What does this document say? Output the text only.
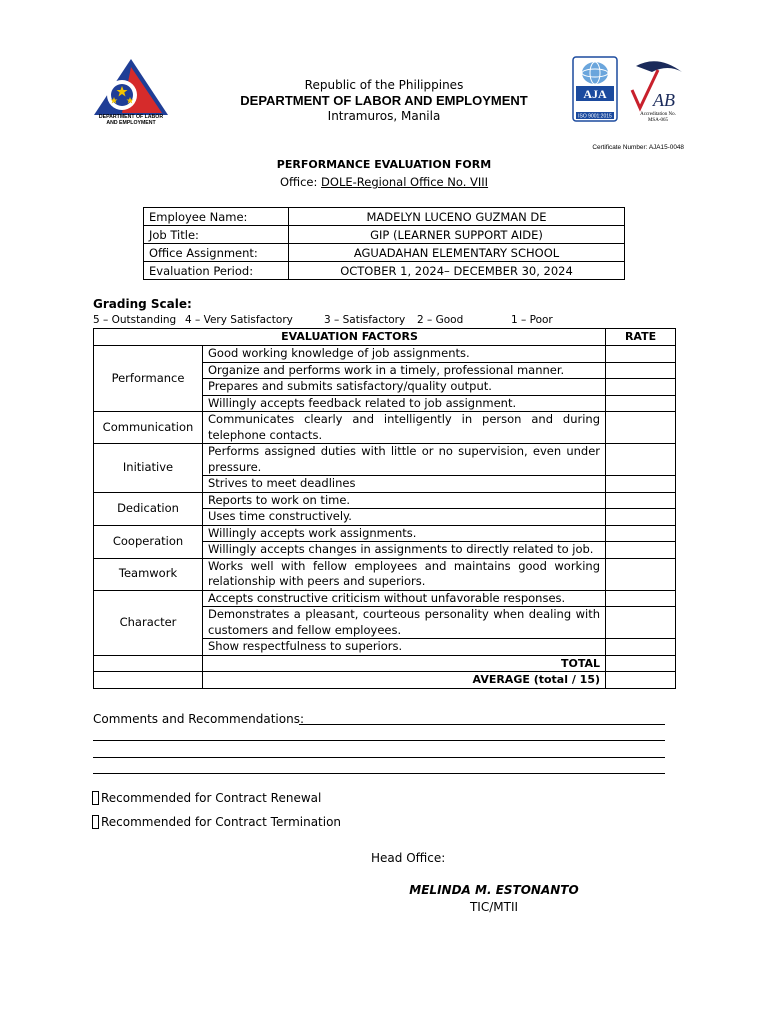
DEPARTMENT OF LABOR
AND EMPLOYMENT
Republic of the Philippines
DEPARTMENT OF LABOR AND EMPLOYMENT
Intramuros, Manila
AJA
ISO 9001:2015
AB
Accreditation No.
MSA-065
Certificate Number: AJA15-0048
PERFORMANCE EVALUATION FORM
Office: DOLE-Regional Office No. VIII
Employee Name:	MADELYN LUCENO GUZMAN DE
Job Title:	GIP (LEARNER SUPPORT AIDE)
Office Assignment:	AGUADAHAN ELEMENTARY SCHOOL
Evaluation Period:	OCTOBER 1, 2024– DECEMBER 30, 2024
Grading Scale:
5 – Outstanding 4 – Very Satisfactory	3 – Satisfactory 2 – Good	1 – Poor
EVALUATION FACTORS		RATE
Performance	Good working knowledge of job assignments.	
	Organize and performs work in a timely, professional manner.	
	Prepares and submits satisfactory/quality output.	
	Willingly accepts feedback related to job assignment.	
Communication	Communicates clearly and intelligently in person and during telephone contacts.	
Initiative	Performs assigned duties with little or no supervision, even under pressure.	
	Strives to meet deadlines	
Dedication	Reports to work on time.	
	Uses time constructively.	
Cooperation	Willingly accepts work assignments.	
	Willingly accepts changes in assignments to directly related to job.	
Teamwork	Works well with fellow employees and maintains good working relationship with peers and superiors.	
Character	Accepts constructive criticism without unfavorable responses.	
	Demonstrates a pleasant, courteous personality when dealing with customers and fellow employees.	
	Show respectfulness to superiors.	
	TOTAL	
	AVERAGE (total / 15)	
Comments and Recommendations:
Recommended for Contract Renewal
Recommended for Contract Termination
Head Office:
MELINDA M. ESTONANTO
TIC/MTII
